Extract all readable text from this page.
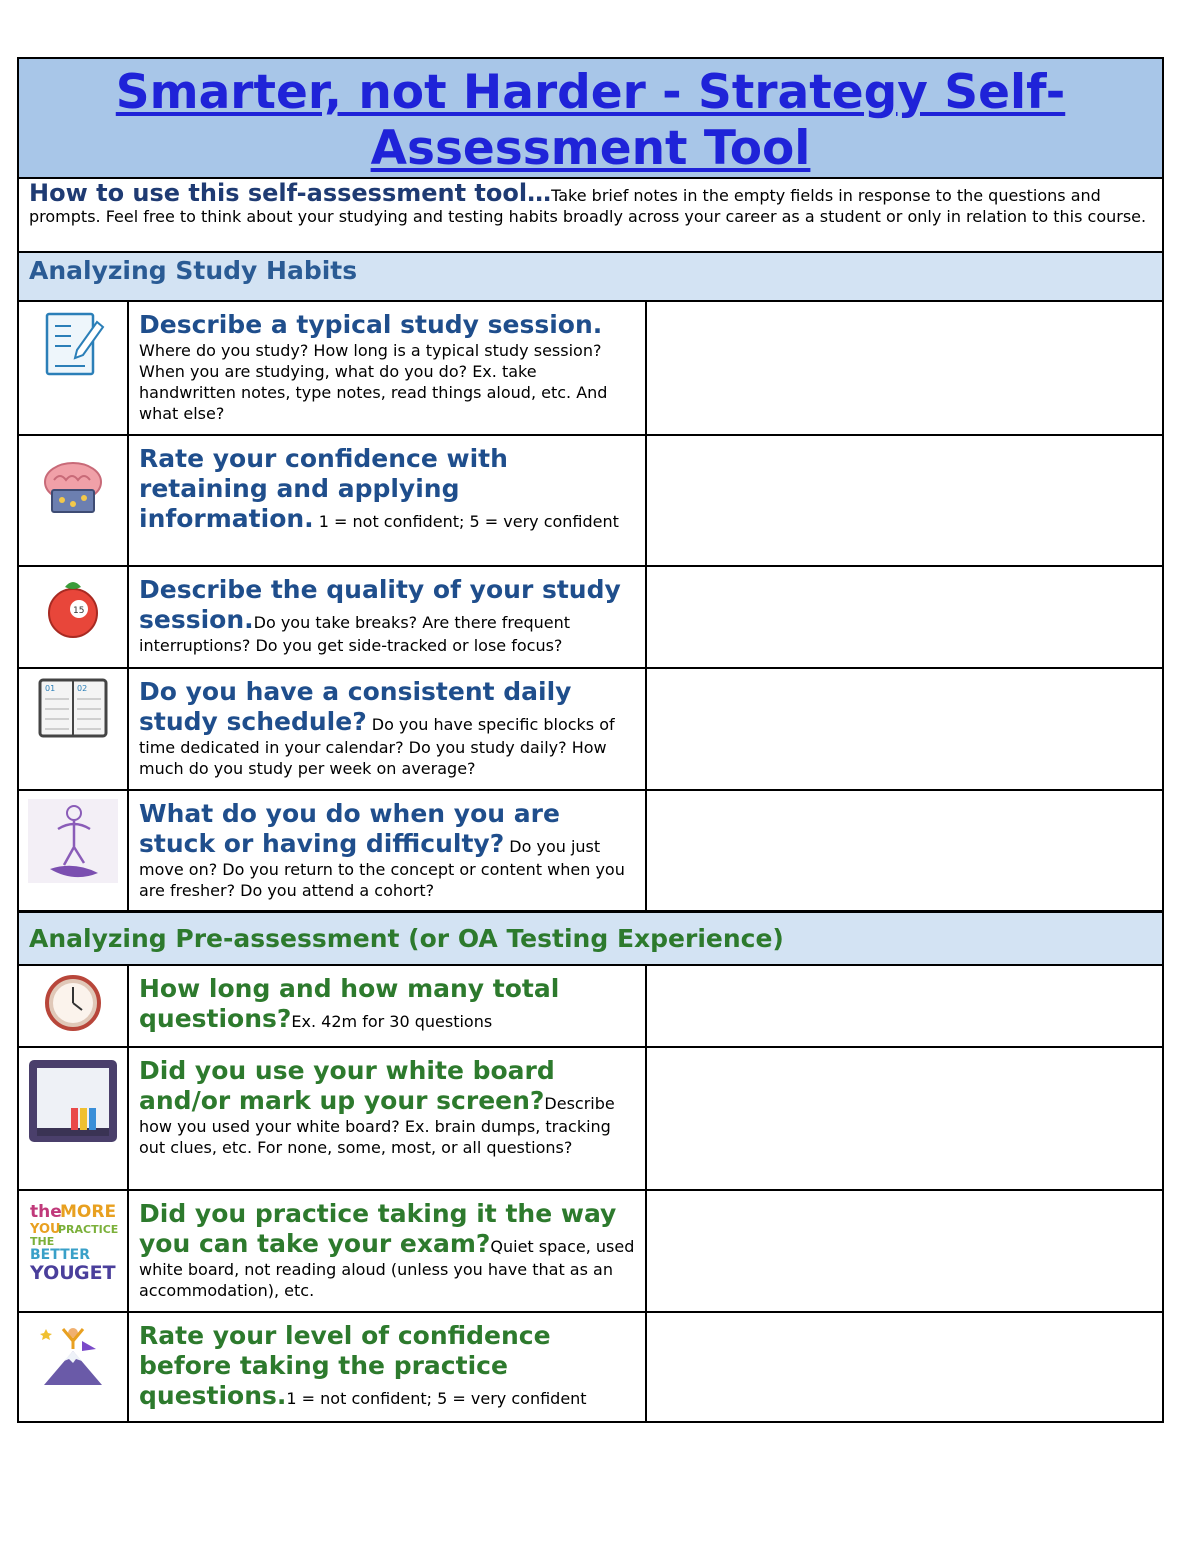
Smarter, not Harder - Strategy Self-Assessment Tool
How to use this self-assessment tool…Take brief notes in the empty fields in response to the questions and prompts. Feel free to think about your studying and testing habits broadly across your career as a student or only in relation to this course.
Analyzing Study Habits
Describe a typical study session.
Where do you study? How long is a typical study session? When you are studying, what do you do? Ex. take handwritten notes, type notes, read things aloud, etc. And what else?
Rate your confidence with retaining and applying information. 1 = not confident; 5 = very confident
15
Describe the quality of your study session.Do you take breaks? Are there frequent interruptions? Do you get side-tracked or lose focus?
01	02	Do you have a consistent daily study schedule? Do you have specific blocks of time dedicated in your calendar? Do you study daily? How much do you study per week on average?
What do you do when you are stuck or having difficulty? Do you just move on? Do you return to the concept or content when you are fresher? Do you attend a cohort?
Analyzing Pre-assessment (or OA Testing Experience)
How long and how many total questions?Ex. 42m for 30 questions
Did you use your white board and/or mark up your screen?Describe how you used your white board? Ex. brain dumps, tracking out clues, etc. For none, some, most, or all questions?
the
MORE
YOU
PRACTICE
THE
BETTER
YOU GET
Did you practice taking it the way you can take your exam?Quiet space, used white board, not reading aloud (unless you have that as an accommodation), etc.
Rate your level of confidence before taking the practice questions.1 = not confident; 5 = very confident
